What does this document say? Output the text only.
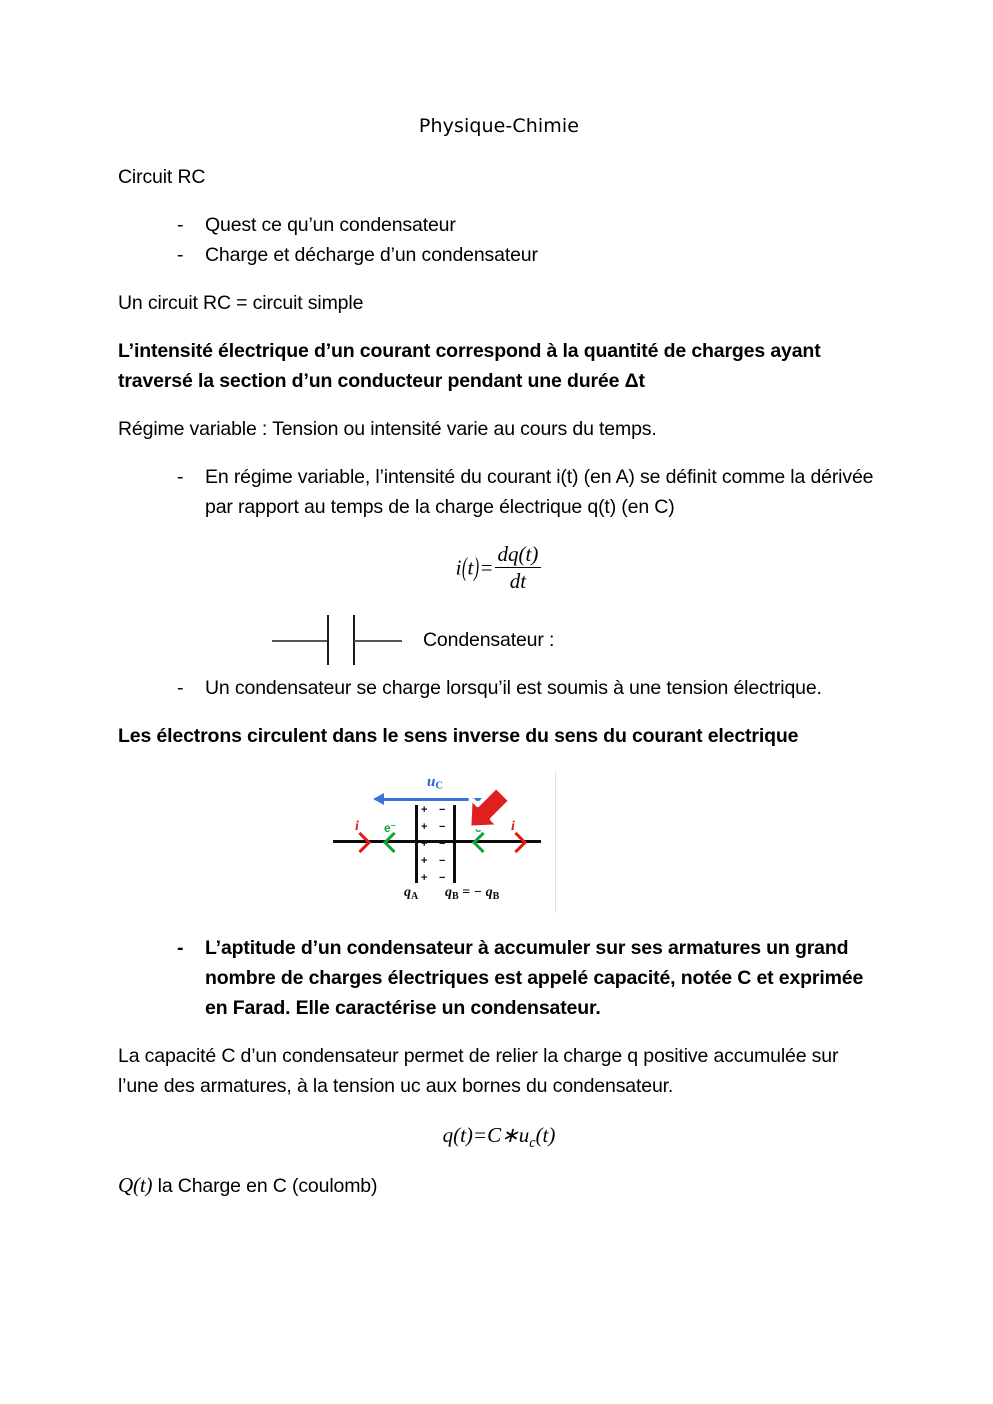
Physique-Chimie

Circuit RC

- Quest ce qu’un condensateur
- Charge et décharge d’un condensateur

Un circuit RC = circuit simple

L’intensité électrique d’un courant correspond à la quantité de charges ayant traversé la section d’un conducteur pendant une durée Δt

Régime variable : Tension ou intensité varie au cours du temps.

- En régime variable, l’intensité du courant i(t) (en A) se définit comme la dérivée par rapport au temps de la charge électrique q(t) (en C)
$i(t)= \frac{dq(t)}{dt}$
Condensateur :
- Un condensateur se charge lorsqu’il est soumis à une tension électrique.

Les électrons circulent dans le sens inverse du sens du courant electrique

uC
+
+
+
+
+
−
−
−
−
−
i e−	i
$q_A$ $q_B$ = − $q_B$
- L’aptitude d’un condensateur à accumuler sur ses armatures un grand nombre de charges électriques est appelé capacité, notée C et exprimée en Farad. Elle caractérise un condensateur.

La capacité C d’un condensateur permet de relier la charge q positive accumulée sur l’une des armatures, à la tension uc aux bornes du condensateur.

$q(t)=C∗u_c(t)$

Q(t) la Charge en C (coulomb)
